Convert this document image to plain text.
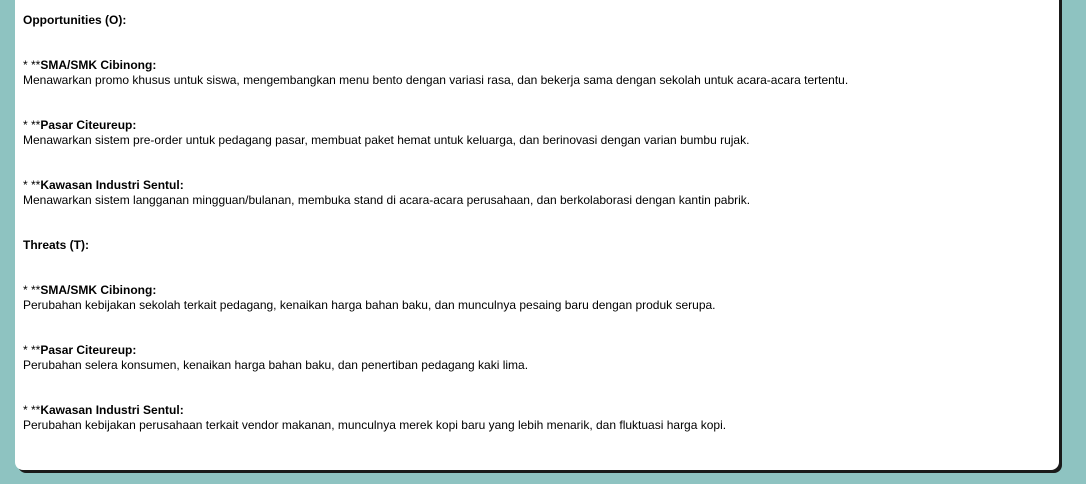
Opportunities (O):
* **SMA/SMK Cibinong:
Menawarkan promo khusus untuk siswa, mengembangkan menu bento dengan variasi rasa, dan bekerja sama dengan sekolah untuk acara-acara tertentu.
* **Pasar Citeureup:
Menawarkan sistem pre-order untuk pedagang pasar, membuat paket hemat untuk keluarga, dan berinovasi dengan varian bumbu rujak.
* **Kawasan Industri Sentul:
Menawarkan sistem langganan mingguan/bulanan, membuka stand di acara-acara perusahaan, dan berkolaborasi dengan kantin pabrik.
Threats (T):
* **SMA/SMK Cibinong:
Perubahan kebijakan sekolah terkait pedagang, kenaikan harga bahan baku, dan munculnya pesaing baru dengan produk serupa.
* **Pasar Citeureup:
Perubahan selera konsumen, kenaikan harga bahan baku, dan penertiban pedagang kaki lima.
* **Kawasan Industri Sentul:
Perubahan kebijakan perusahaan terkait vendor makanan, munculnya merek kopi baru yang lebih menarik, dan fluktuasi harga kopi.
